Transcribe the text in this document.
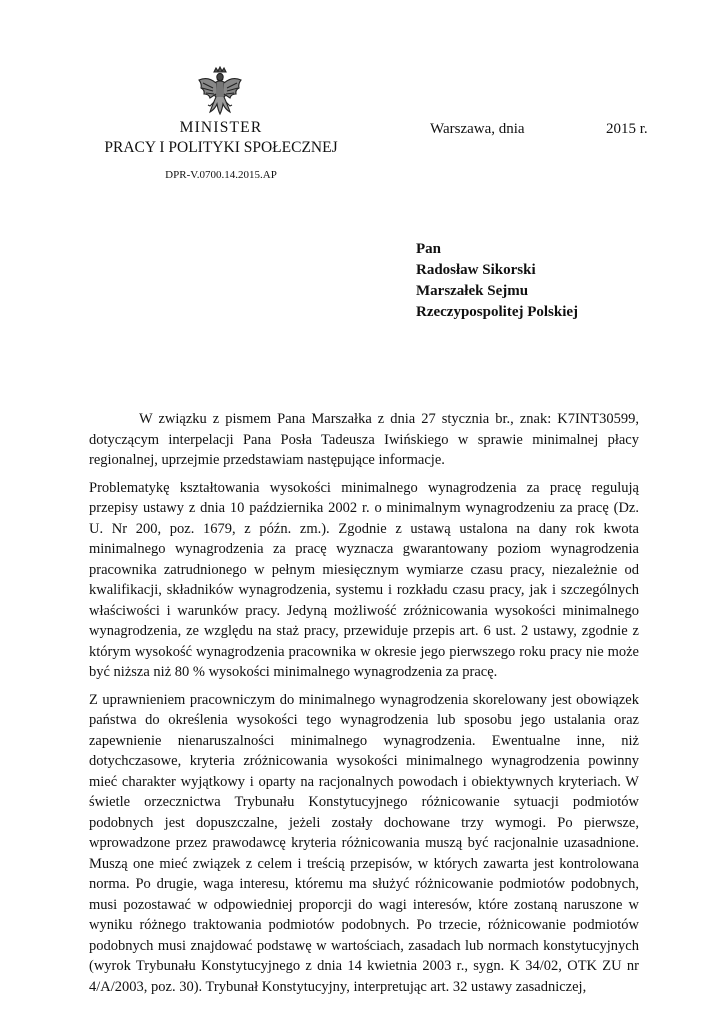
MINISTER
PRACY I POLITYKI SPOŁECZNEJ
DPR-V.0700.14.2015.AP
Warszawa, dnia	2015 r.
Pan
Radosław Sikorski
Marszałek Sejmu
Rzeczypospolitej Polskiej

W związku z pismem Pana Marszałka z dnia 27 stycznia br., znak: K7INT30599, dotyczącym interpelacji Pana Posła Tadeusza Iwińskiego w sprawie minimalnej płacy regionalnej, uprzejmie przedstawiam następujące informacje.

Problematykę kształtowania wysokości minimalnego wynagrodzenia za pracę regulują przepisy ustawy z dnia 10 października 2002 r. o minimalnym wynagrodzeniu za pracę (Dz. U. Nr 200, poz. 1679, z późn. zm.). Zgodnie z ustawą ustalona na dany rok kwota minimalnego wynagrodzenia za pracę wyznacza gwarantowany poziom wynagrodzenia pracownika zatrudnionego w pełnym miesięcznym wymiarze czasu pracy, niezależnie od kwalifikacji, składników wynagrodzenia, systemu i rozkładu czasu pracy, jak i szczególnych właściwości i warunków pracy. Jedyną możliwość zróżnicowania wysokości minimalnego wynagrodzenia, ze względu na staż pracy, przewiduje przepis art. 6 ust. 2 ustawy, zgodnie z którym wysokość wynagrodzenia pracownika w okresie jego pierwszego roku pracy nie może być niższa niż 80 % wysokości minimalnego wynagrodzenia za pracę.

Z uprawnieniem pracowniczym do minimalnego wynagrodzenia skorelowany jest obowiązek państwa do określenia wysokości tego wynagrodzenia lub sposobu jego ustalania oraz zapewnienie nienaruszalności minimalnego wynagrodzenia. Ewentualne inne, niż dotychczasowe, kryteria zróżnicowania wysokości minimalnego wynagrodzenia powinny mieć charakter wyjątkowy i oparty na racjonalnych powodach i obiektywnych kryteriach. W świetle orzecznictwa Trybunału Konstytucyjnego różnicowanie sytuacji podmiotów podobnych jest dopuszczalne, jeżeli zostały dochowane trzy wymogi. Po pierwsze, wprowadzone przez prawodawcę kryteria różnicowania muszą być racjonalnie uzasadnione. Muszą one mieć związek z celem i treścią przepisów, w których zawarta jest kontrolowana norma. Po drugie, waga interesu, któremu ma służyć różnicowanie podmiotów podobnych, musi pozostawać w odpowiedniej proporcji do wagi interesów, które zostaną naruszone w wyniku różnego traktowania podmiotów podobnych. Po trzecie, różnicowanie podmiotów podobnych musi znajdować podstawę w wartościach, zasadach lub normach konstytucyjnych (wyrok Trybunału Konstytucyjnego z dnia 14 kwietnia 2003 r., sygn. K 34/02, OTK ZU nr 4/A/2003, poz. 30). Trybunał Konstytucyjny, interpretując art. 32 ustawy zasadniczej,
